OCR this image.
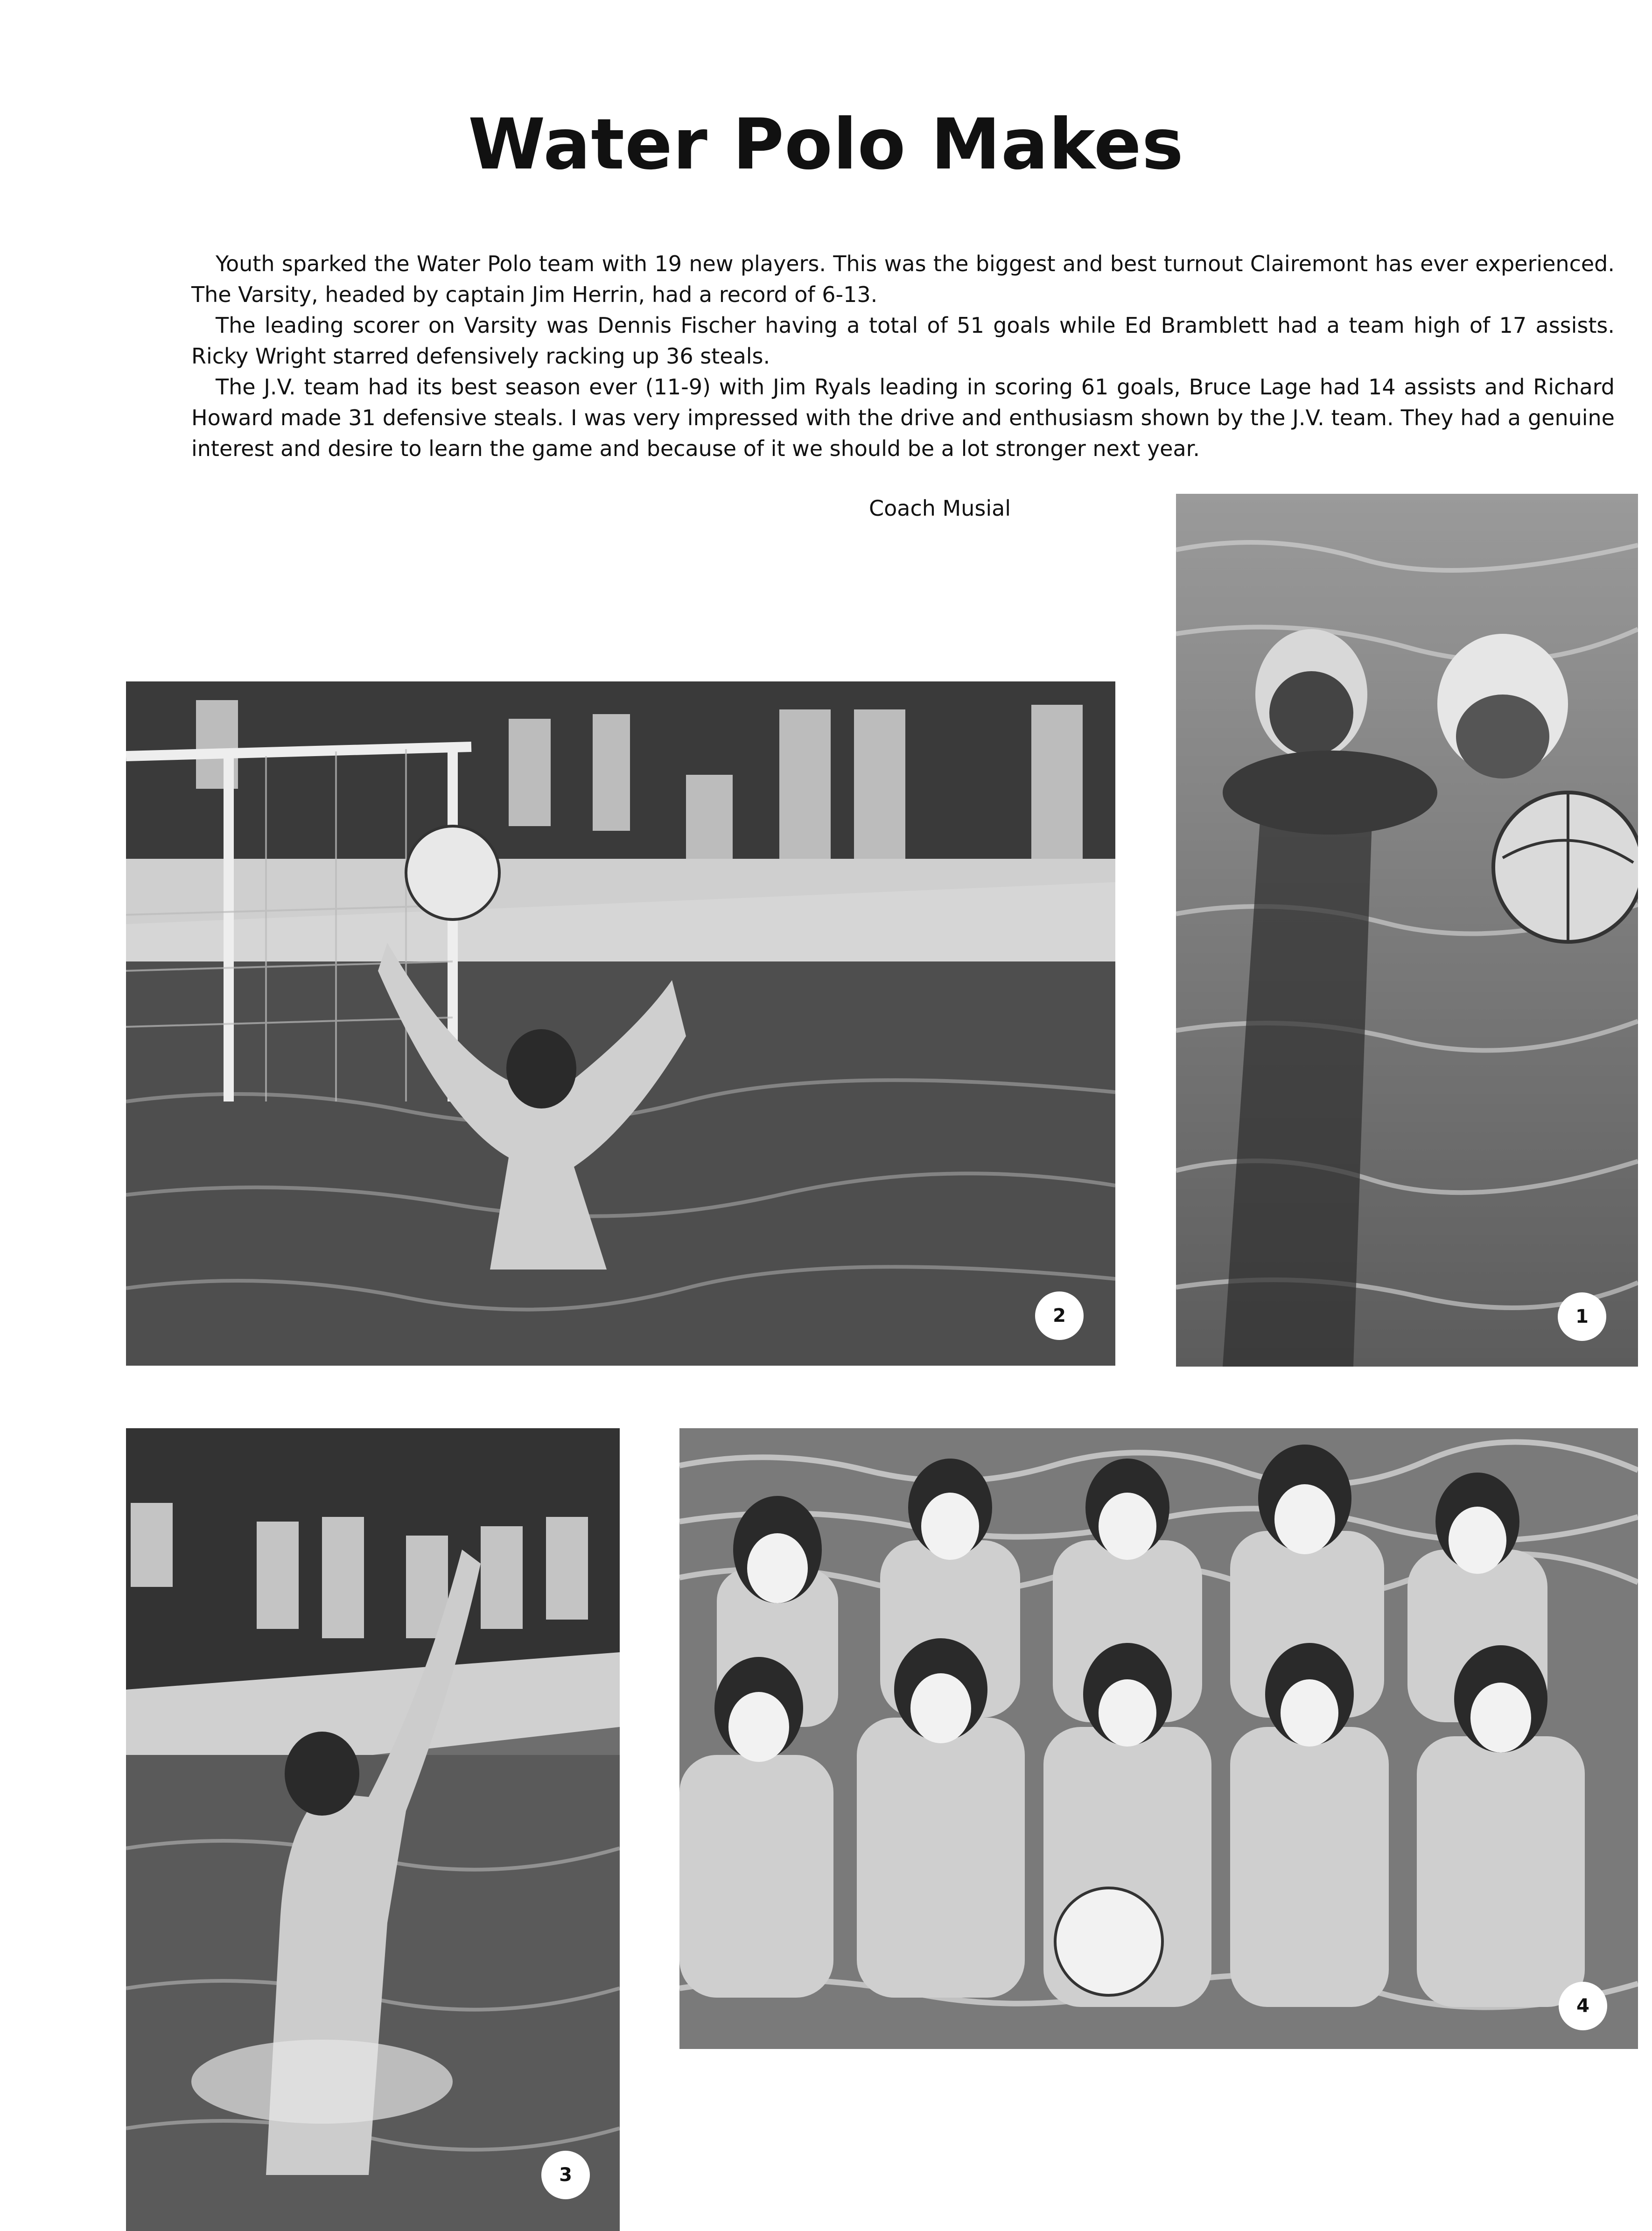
Water Polo Makes

Youth sparked the Water Polo team with 19 new players. This was the biggest and best turnout Clairemont has ever experienced. The Varsity, headed by captain Jim Herrin, had a record of 6-13.

The leading scorer on Varsity was Dennis Fischer having a total of 51 goals while Ed Bramblett had a team high of 17 assists. Ricky Wright starred defensively racking up 36 steals.

The J.V. team had its best season ever (11-9) with Jim Ryals leading in scoring 61 goals, Bruce Lage had 14 assists and Richard Howard made 31 defensive steals. I was very impressed with the drive and enthusiasm shown by the J.V. team. They had a genuine interest and desire to learn the game and because of it we should be a lot stronger next year.

Coach Musial
1
2
3
4
